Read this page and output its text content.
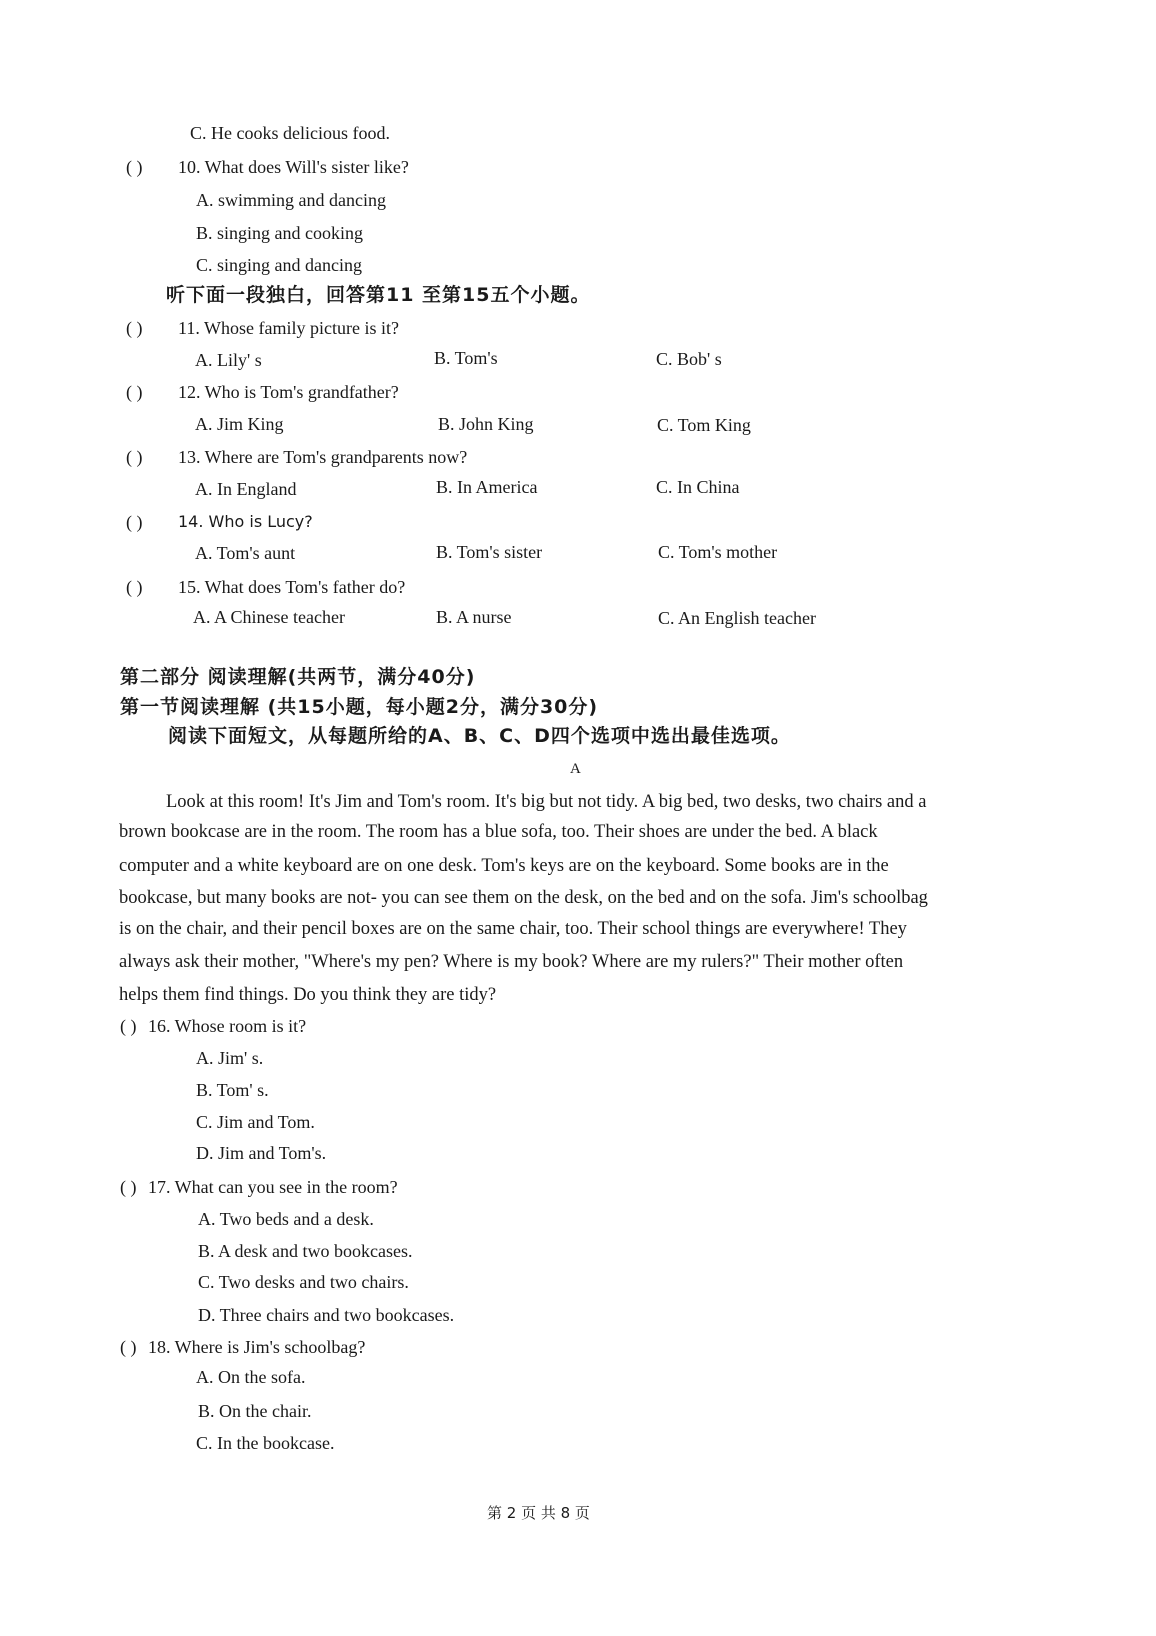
C. He cooks delicious food.
( ) 10. What does Will's sister like?
A. swimming and dancing
B. singing and cooking
C. singing and dancing
听下面一段独白，回答第11 至第15五个小题。
( ) 11. Whose family picture is it?
A. Lily' s	B. Tom's	C. Bob' s
( ) 12. Who is Tom's grandfather?
A. Jim King	B. John King	C. Tom King
( ) 13. Where are Tom's grandparents now?
A. In England	B. In America	C. In China
( ) 14. Who is Lucy?
A. Tom's aunt	B. Tom's sister	C. Tom's mother
( ) 15. What does Tom's father do?
A. A Chinese teacher	B. A nurse	C. An English teacher
第二部分 阅读理解(共两节，满分40分)
第一节阅读理解 (共15小题，每小题2分，满分30分)
阅读下面短文，从每题所给的A、B、C、D四个选项中选出最佳选项。
A
Look at this room! It's Jim and Tom's room. It's big but not tidy. A big bed, two desks, two chairs and a
brown bookcase are in the room. The room has a blue sofa, too. Their shoes are under the bed. A black
computer and a white keyboard are on one desk. Tom's keys are on the keyboard. Some books are in the
bookcase, but many books are not- you can see them on the desk, on the bed and on the sofa. Jim's schoolbag
is on the chair, and their pencil boxes are on the same chair, too. Their school things are everywhere! They
always ask their mother, "Where's my pen? Where is my book? Where are my rulers?" Their mother often
helps them find things. Do you think they are tidy?
( ) 16. Whose room is it?
A. Jim' s.
B. Tom' s.
C. Jim and Tom.
D. Jim and Tom's.
( ) 17. What can you see in the room?
A. Two beds and a desk.
B. A desk and two bookcases.
C. Two desks and two chairs.
D. Three chairs and two bookcases.
( ) 18. Where is Jim's schoolbag?
A. On the sofa.
B. On the chair.
C. In the bookcase.
第 2 页 共 8 页
